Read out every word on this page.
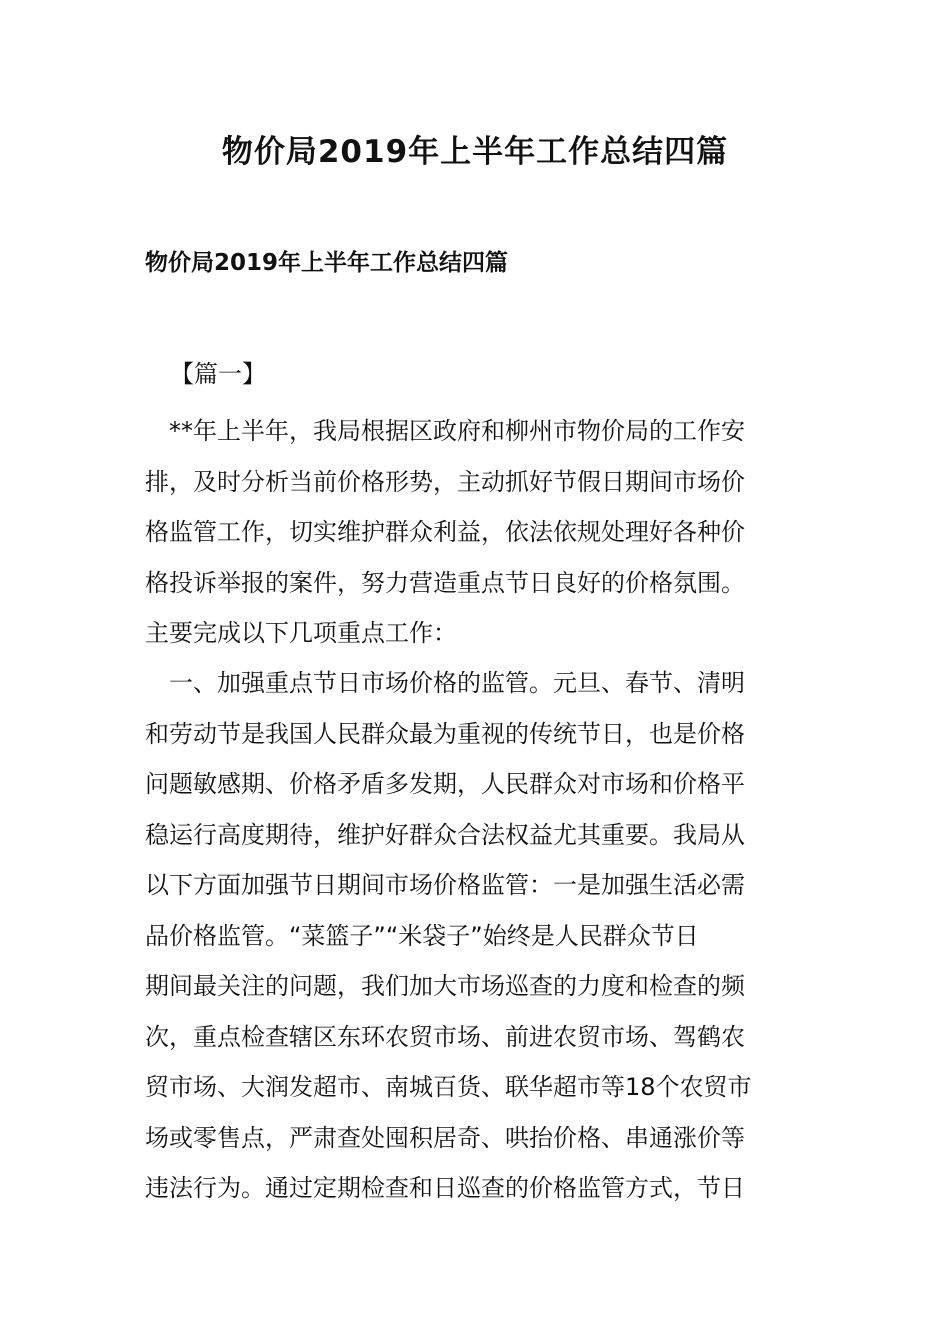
物价局2019年上半年工作总结四篇
物价局2019年上半年工作总结四篇

【篇一】

　**年上半年，我局根据区政府和柳州市物价局的工作安
排，及时分析当前价格形势，主动抓好节假日期间市场价
格监管工作，切实维护群众利益，依法依规处理好各种价
格投诉举报的案件，努力营造重点节日良好的价格氛围。
主要完成以下几项重点工作：

　一、加强重点节日市场价格的监管。元旦、春节、清明
和劳动节是我国人民群众最为重视的传统节日，也是价格
问题敏感期、价格矛盾多发期，人民群众对市场和价格平
稳运行高度期待，维护好群众合法权益尤其重要。我局从
以下方面加强节日期间市场价格监管：一是加强生活必需
品价格监管。“菜篮子”“米袋子”始终是人民群众节日
期间最关注的问题，我们加大市场巡查的力度和检查的频
次，重点检查辖区东环农贸市场、前进农贸市场、驾鹤农
贸市场、大润发超市、南城百货、联华超市等18个农贸市
场或零售点，严肃查处囤积居奇、哄抬价格、串通涨价等
违法行为。通过定期检查和日巡查的价格监管方式，节日
